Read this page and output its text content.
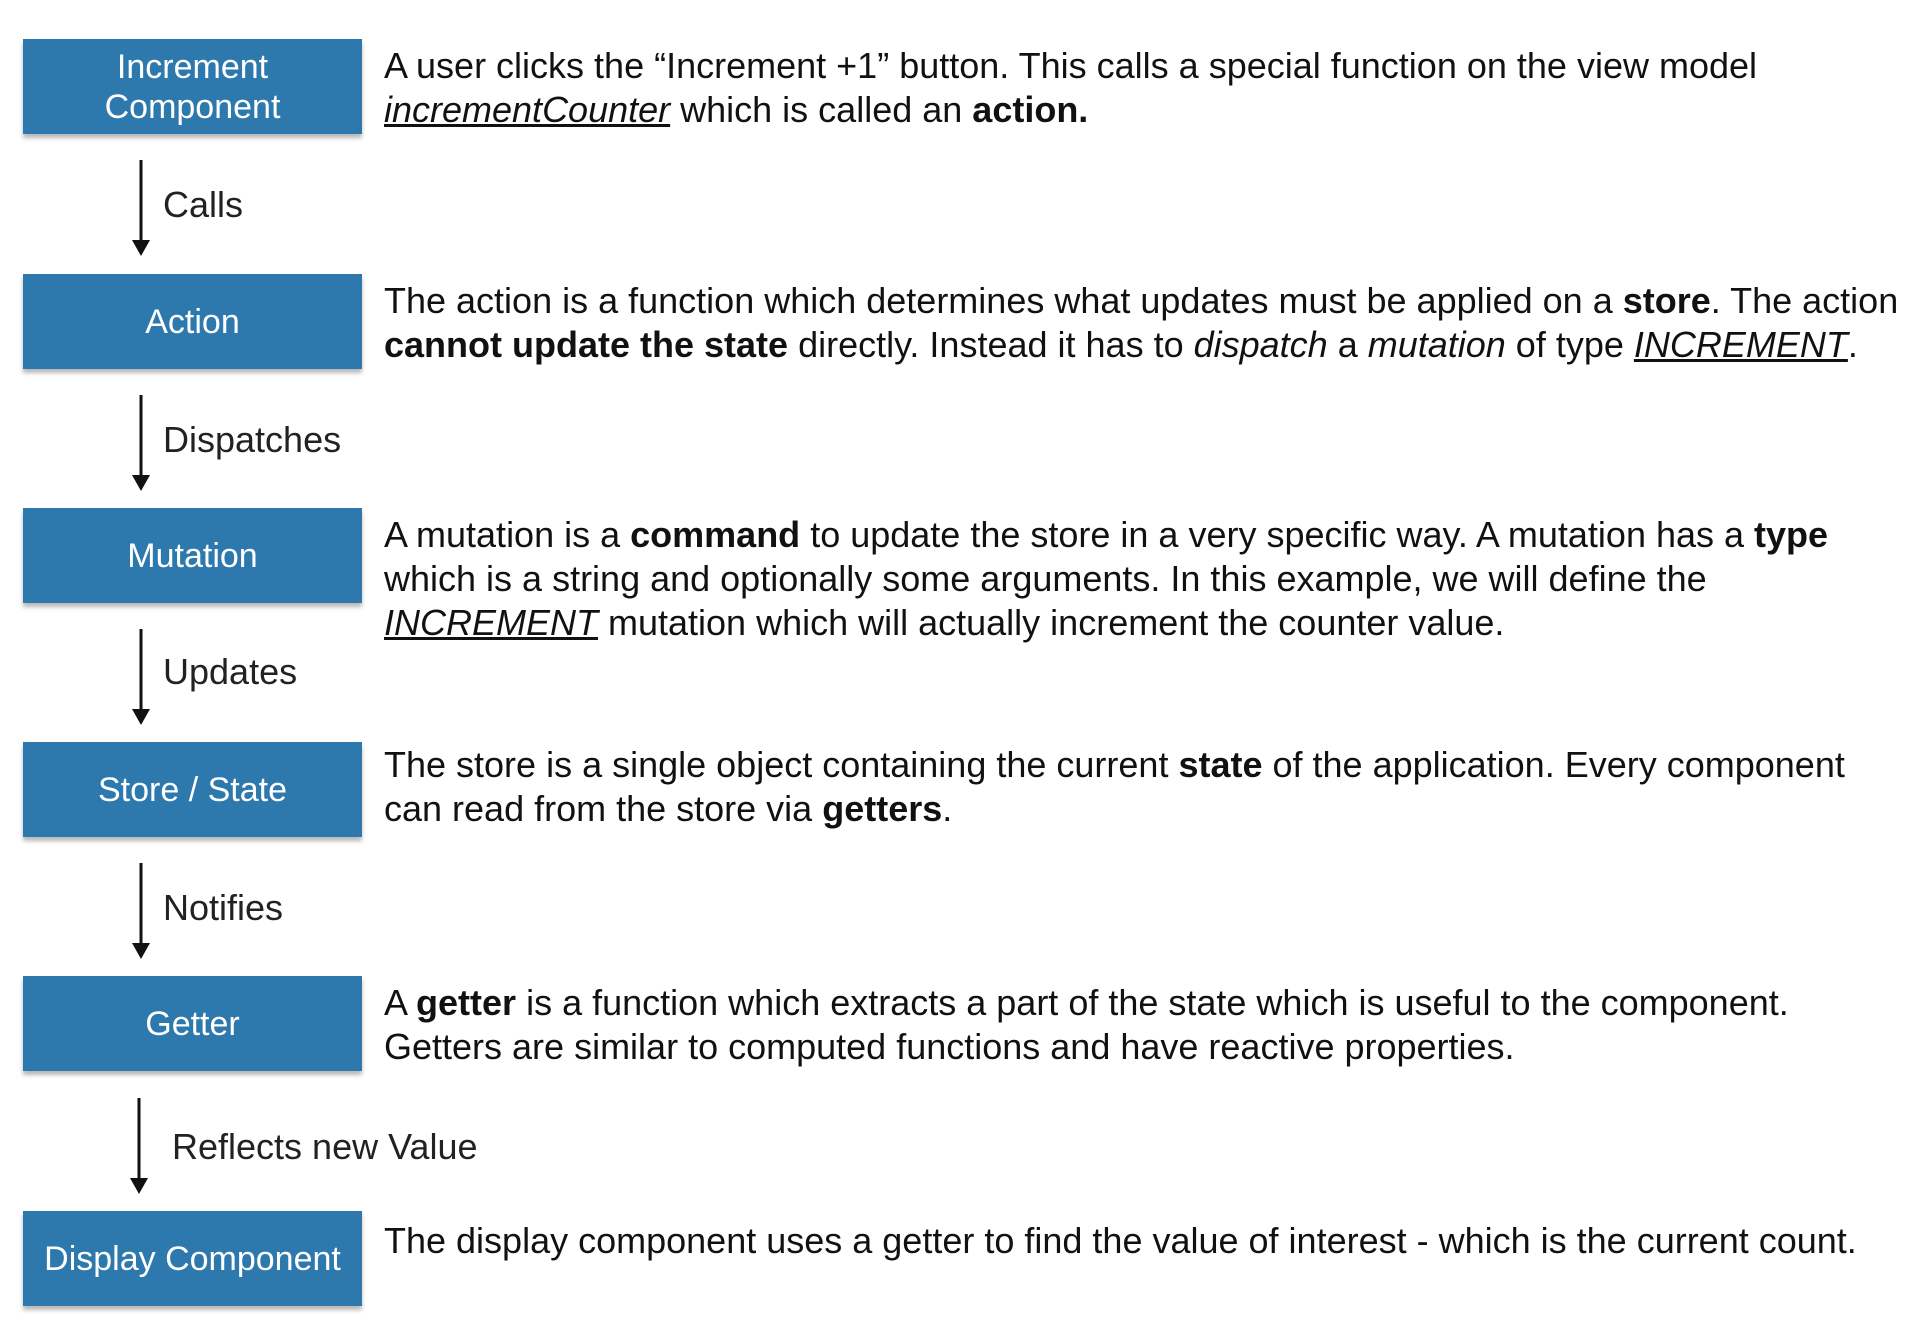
Increment
Component
Action
Mutation
Store / State
Getter
Display Component
Calls
Dispatches
Updates
Notifies
Reflects new Value
A user clicks the “Increment +1” button. This calls a special function on the view model
incrementCounter which is called an action.
The action is a function which determines what updates must be applied on a store. The action
cannot update the state directly. Instead it has to dispatch a mutation of type INCREMENT.
A mutation is a command to update the store in a very specific way. A mutation has a type
which is a string and optionally some arguments. In this example, we will define the
INCREMENT mutation which will actually increment the counter value.
The store is a single object containing the current state of the application. Every component
can read from the store via getters.
A getter is a function which extracts a part of the state which is useful to the component.
Getters are similar to computed functions and have reactive properties.
The display component uses a getter to find the value of interest - which is the current count.
